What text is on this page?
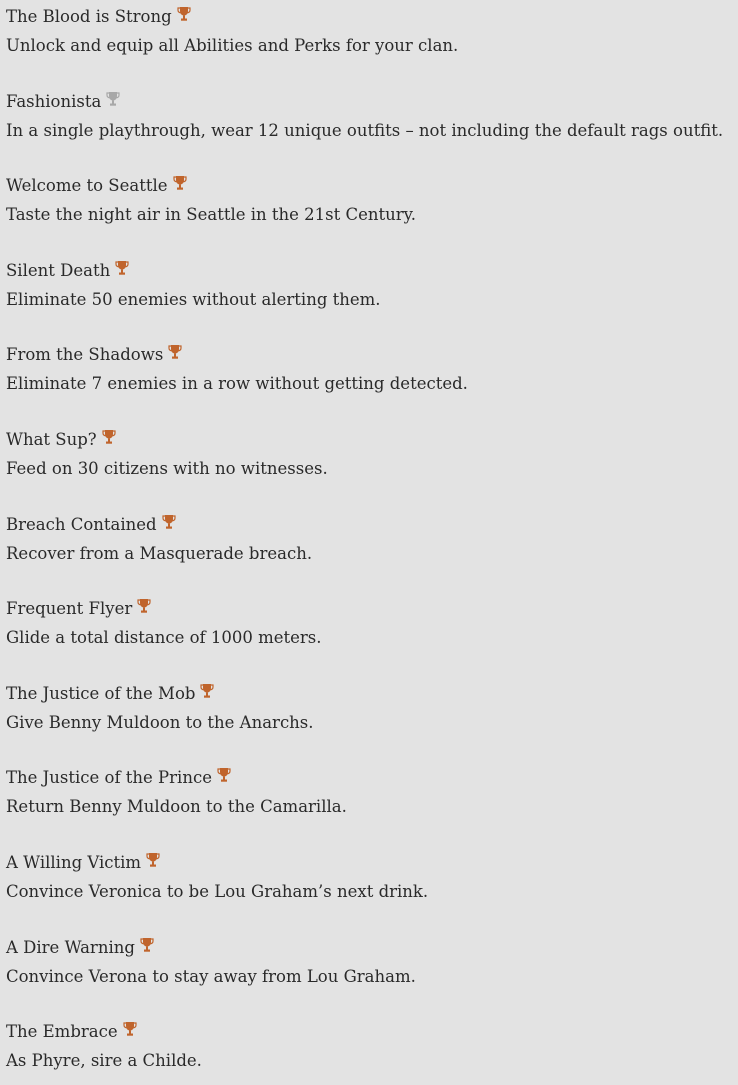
The Blood is Strong
Unlock and equip all Abilities and Perks for your clan.
Fashionista
In a single playthrough, wear 12 unique outfits – not including the default rags outfit.
Welcome to Seattle
Taste the night air in Seattle in the 21st Century.
Silent Death
Eliminate 50 enemies without alerting them.
From the Shadows
Eliminate 7 enemies in a row without getting detected.
What Sup?
Feed on 30 citizens with no witnesses.
Breach Contained
Recover from a Masquerade breach.
Frequent Flyer
Glide a total distance of 1000 meters.
The Justice of the Mob
Give Benny Muldoon to the Anarchs.
The Justice of the Prince
Return Benny Muldoon to the Camarilla.
A Willing Victim
Convince Veronica to be Lou Graham’s next drink.
A Dire Warning
Convince Verona to stay away from Lou Graham.
The Embrace
As Phyre, sire a Childe.
